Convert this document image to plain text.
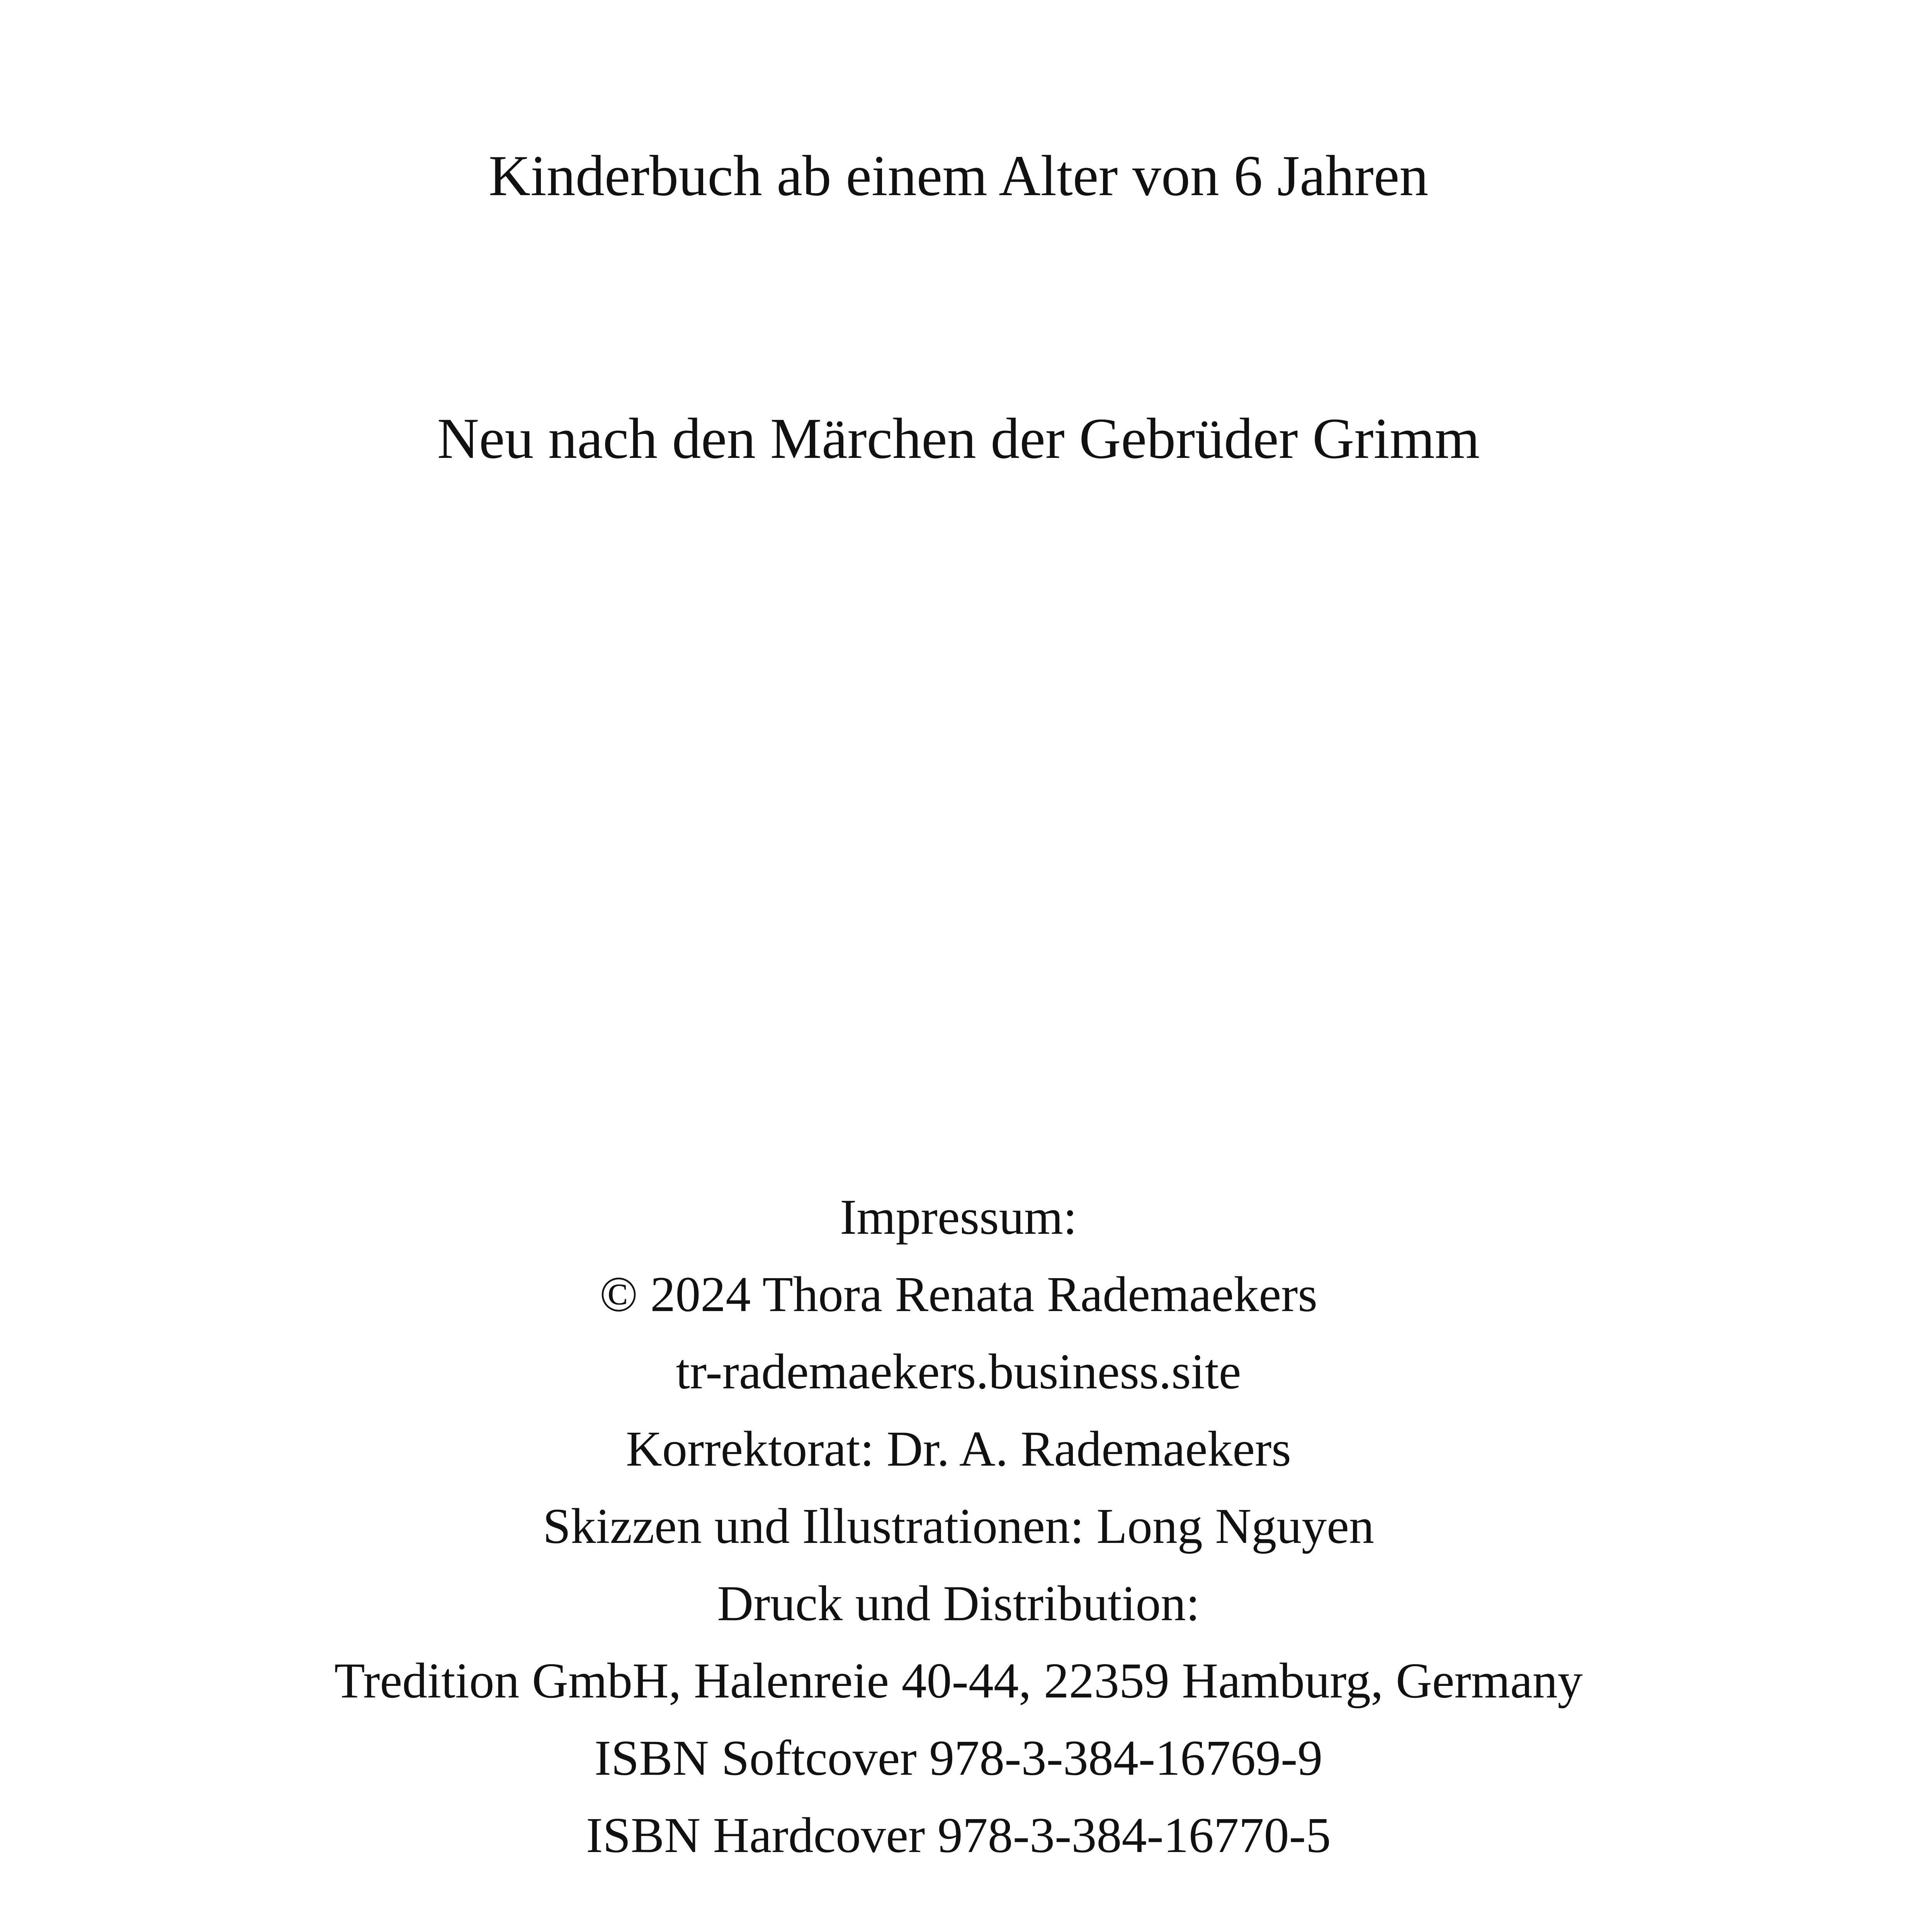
Kinderbuch ab einem Alter von 6 Jahren
Neu nach den Märchen der Gebrüder Grimm
Impressum:
© 2024 Thora Renata Rademaekers
tr-rademaekers.business.site
Korrektorat: Dr. A. Rademaekers
Skizzen und Illustrationen: Long Nguyen
Druck und Distribution:
Tredition GmbH, Halenreie 40-44, 22359 Hamburg, Germany
ISBN Softcover 978-3-384-16769-9
ISBN Hardcover 978-3-384-16770-5
